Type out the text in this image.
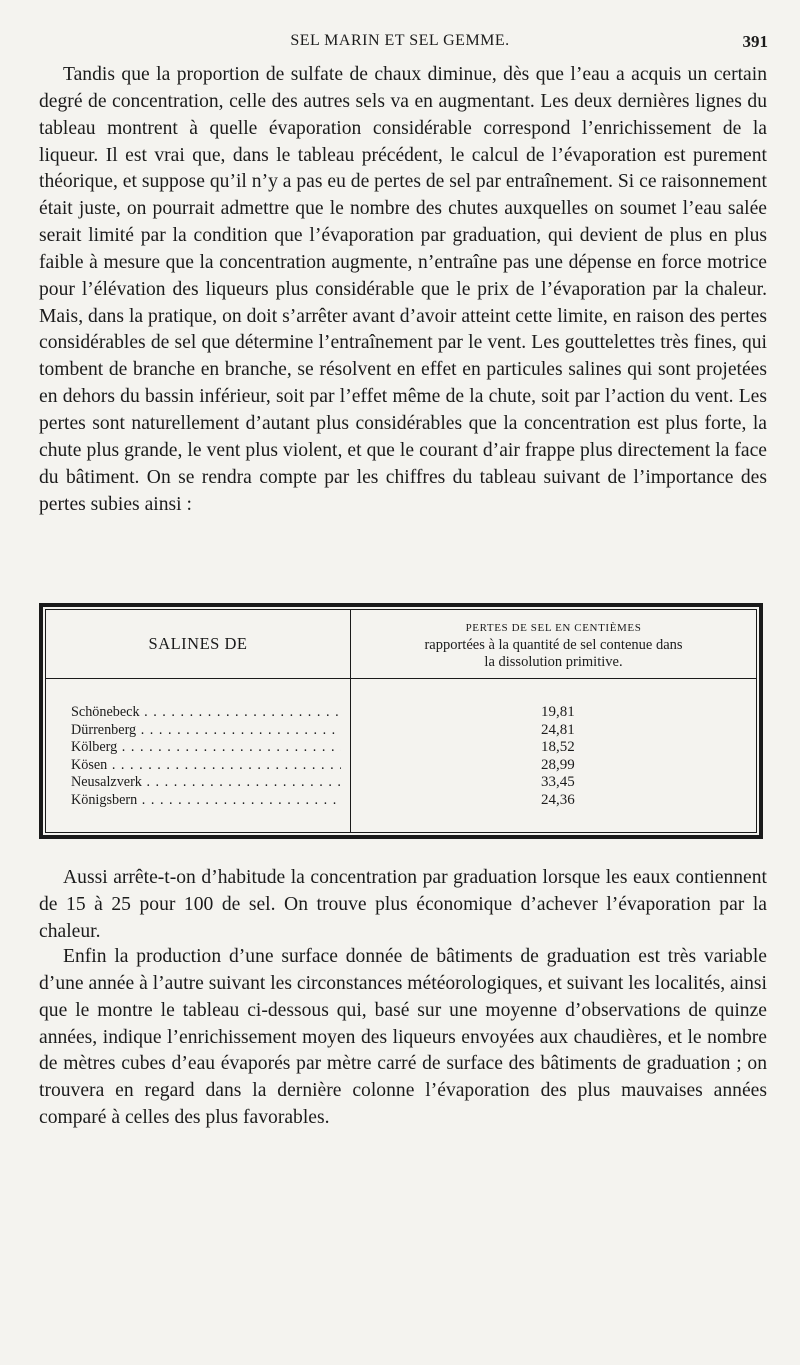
SEL MARIN ET SEL GEMME.	391

Tandis que la proportion de sulfate de chaux diminue, dès que l’eau a acquis un certain degré de concentration, celle des autres sels va en augmentant. Les deux dernières lignes du tableau montrent à quelle évaporation considérable correspond l’enrichissement de la liqueur. Il est vrai que, dans le tableau précédent, le calcul de l’évaporation est purement théorique, et suppose qu’il n’y a pas eu de pertes de sel par entraînement. Si ce raisonnement était juste, on pourrait admettre que le nombre des chutes auxquelles on soumet l’eau salée serait limité par la condition que l’évaporation par graduation, qui devient de plus en plus faible à mesure que la concentration augmente, n’entraîne pas une dépense en force motrice pour l’élévation des liqueurs plus considérable que le prix de l’évaporation par la chaleur. Mais, dans la pratique, on doit s’arrêter avant d’avoir atteint cette limite, en raison des pertes considérables de sel que détermine l’entraînement par le vent. Les gouttelettes très fines, qui tombent de branche en branche, se résolvent en effet en particules salines qui sont projetées en dehors du bassin inférieur, soit par l’effet même de la chute, soit par l’action du vent. Les pertes sont naturellement d’autant plus considérables que la concentration est plus forte, la chute plus grande, le vent plus violent, et que le courant d’air frappe plus directement la face du bâtiment. On se rendra compte par les chiffres du tableau suivant de l’importance des pertes subies ainsi :

SALINES DE
PERTES DE SEL EN CENTIÈMES
rapportées à la quantité de sel contenue dans
la dissolution primitive.
Schönebeck . . .	19,81
Dürrenberg . . .	24,81
Kölberg . . .	18,52
Kösen . . .	28,99
Neusalzverk . . .	33,45
Königsbern . . .	24,36

Aussi arrête-t-on d’habitude la concentration par graduation lorsque les eaux contiennent de 15 à 25 pour 100 de sel. On trouve plus économique d’achever l’évaporation par la chaleur.

Enfin la production d’une surface donnée de bâtiments de graduation est très variable d’une année à l’autre suivant les circonstances météorologiques, et suivant les localités, ainsi que le montre le tableau ci-dessous qui, basé sur une moyenne d’observations de quinze années, indique l’enrichissement moyen des liqueurs envoyées aux chaudières, et le nombre de mètres cubes d’eau évaporés par mètre carré de surface des bâtiments de graduation ; on trouvera en regard dans la dernière colonne l’évaporation des plus mauvaises années comparé à celles des plus favorables.
